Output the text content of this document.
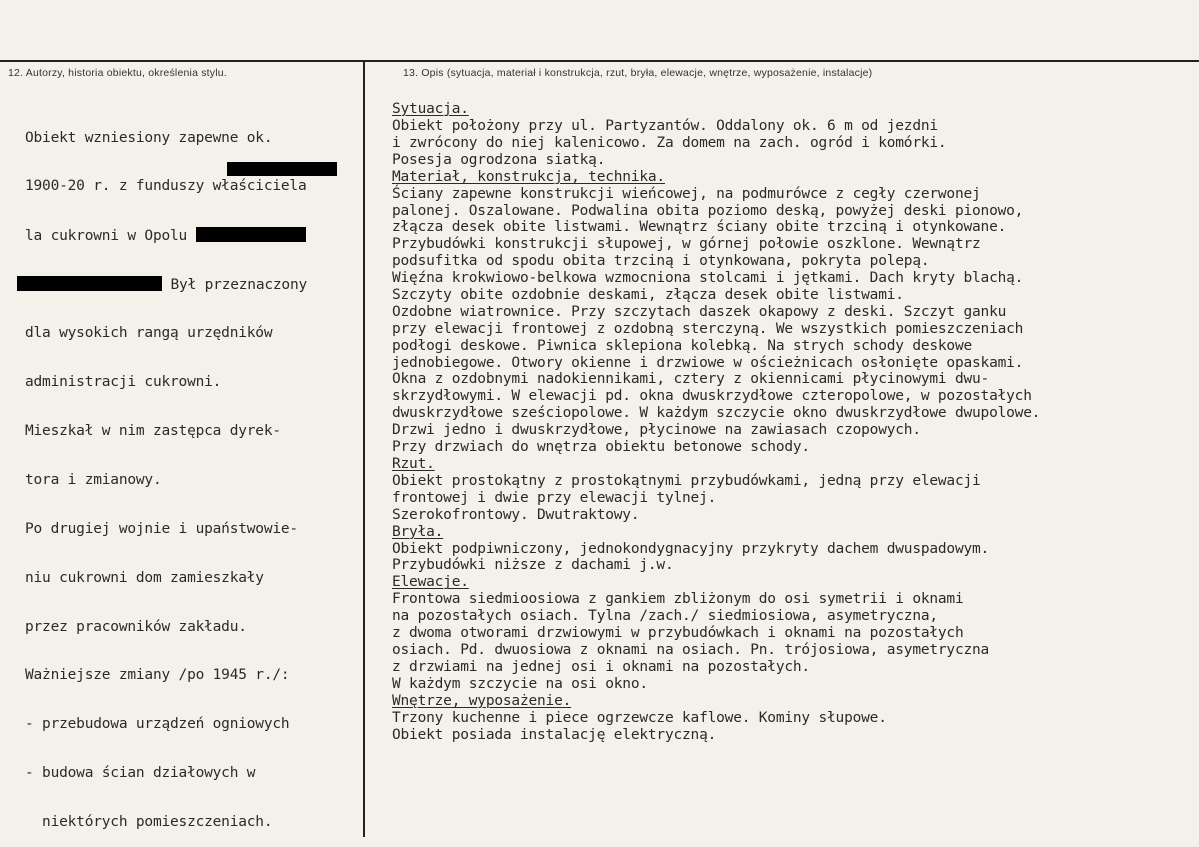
12. Autorzy, historia obiektu, określenia stylu.	13. Opis (sytuacja, materiał i konstrukcja, rzut, bryła, elewacje, wnętrze, wyposażenie, instalacje)

Obiekt wzniesiony zapewne ok.

1900-20 r. z funduszy właściciela

la cukrowni w Opolu

Był przeznaczony

dla wysokich rangą urzędników

administracji cukrowni.

Mieszkał w nim zastępca dyrek-

tora i zmianowy.

Po drugiej wojnie i upaństwowie-

niu cukrowni dom zamieszkały

przez pracowników zakładu.

Ważniejsze zmiany /po 1945 r./:

- przebudowa urządzeń ogniowych

- budowa ścian działowych w

niektórych pomieszczeniach.

Sytuacja.
Obiekt położony przy ul. Partyzantów. Oddalony ok. 6 m od jezdni
i zwrócony do niej kalenicowo. Za domem na zach. ogród i komórki.
Posesja ogrodzona siatką.
Materiał, konstrukcja, technika.
Ściany zapewne konstrukcji wieńcowej, na podmurówce z cegły czerwonej
palonej. Oszalowane. Podwalina obita poziomo deską, powyżej deski pionowo,
złącza desek obite listwami. Wewnątrz ściany obite trzciną i otynkowane.
Przybudówki konstrukcji słupowej, w górnej połowie oszklone. Wewnątrz
podsufitka od spodu obita trzciną i otynkowana, pokryta polepą.
Więźna krokwiowo-belkowa wzmocniona stolcami i jętkami. Dach kryty blachą.
Szczyty obite ozdobnie deskami, złącza desek obite listwami.
Ozdobne wiatrownice. Przy szczytach daszek okapowy z deski. Szczyt ganku
przy elewacji frontowej z ozdobną sterczyną. We wszystkich pomieszczeniach
podłogi deskowe. Piwnica sklepiona kolebką. Na strych schody deskowe
jednobiegowe. Otwory okienne i drzwiowe w ościeżnicach osłonięte opaskami.
Okna z ozdobnymi nadokiennikami, cztery z okiennicami płycinowymi dwu-
skrzydłowymi. W elewacji pd. okna dwuskrzydłowe czteropolowe, w pozostałych
dwuskrzydłowe sześciopolowe. W każdym szczycie okno dwuskrzydłowe dwupolowe.
Drzwi jedno i dwuskrzydłowe, płycinowe na zawiasach czopowych.
Przy drzwiach do wnętrza obiektu betonowe schody.
Rzut.
Obiekt prostokątny z prostokątnymi przybudówkami, jedną przy elewacji
frontowej i dwie przy elewacji tylnej.
Szerokofrontowy. Dwutraktowy.
Bryła.
Obiekt podpiwniczony, jednokondygnacyjny przykryty dachem dwuspadowym.
Przybudówki niższe z dachami j.w.
Elewacje.
Frontowa siedmioosiowa z gankiem zbliżonym do osi symetrii i oknami
na pozostałych osiach. Tylna /zach./ siedmiosiowa, asymetryczna,
z dwoma otworami drzwiowymi w przybudówkach i oknami na pozostałych
osiach. Pd. dwuosiowa z oknami na osiach. Pn. trójosiowa, asymetryczna
z drzwiami na jednej osi i oknami na pozostałych.
W każdym szczycie na osi okno.
Wnętrze, wyposażenie.
Trzony kuchenne i piece ogrzewcze kaflowe. Kominy słupowe.
Obiekt posiada instalację elektryczną.
